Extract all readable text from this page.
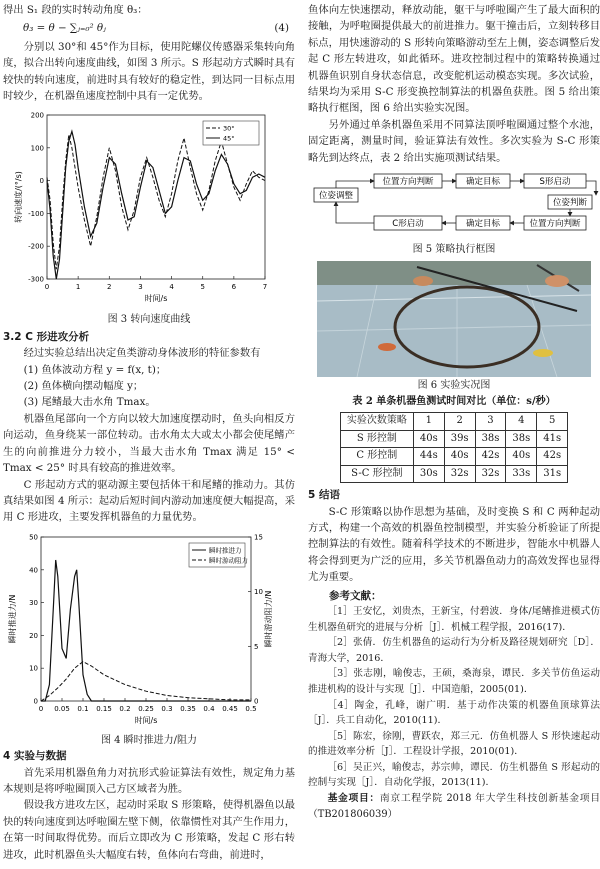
得出 S₁ 段的实时转动角度 θ₃：

θ₃ = θ − ∑ⱼ₌₀² θⱼ	(4)

分别以 30°和 45°作为目标，使用陀螺仪传感器采集转向角度，拟合出转向速度曲线，如图 3 所示。S 形起动方式瞬时具有较快的转向速度，前进时具有较好的稳定性，到达同一目标点用时较少，在机器鱼速度控制中具有一定优势。

0	1	2	3	4	5	6	7
-300
-200
-100
0
100
200
时间/s
转向速度/(°/s)
30°
45°

图 3 转向速度曲线

3.2 C 形进攻分析

经过实验总结出决定鱼类游动身体波形的特征参数有

(1) 鱼体波动方程 y = f(x, t)；

(2) 鱼体横向摆动幅度 y；

(3) 尾鳍最大击水角 Tmax。

机器鱼尾部向一个方向以较大加速度摆动时，鱼头向相反方向运动，鱼身绕某一部位转动。击水角太大或太小都会使尾鳍产生的向前推进分力较小，当最大击水角 Tmax 满足 15° < Tmax < 25° 时具有较高的推进效率。

C 形起动方式的驱动源主要包括体干和尾鳍的推动力。其仿真结果如图 4 所示：起动后短时间内游动加速度便大幅提高，采用 C 形进攻，主要发挥机器鱼的力量优势。

0 0.05 0.1 0.15 0.2 0.25 0.3 0.35 0.4 0.45 0.5
0
10
20
30
40
50
时间/s
瞬时推进力/N
0
5
10
15
瞬时游动阻力/N
瞬时推进力
瞬时游动阻力

图 4 瞬时推进力/阻力

4 实验与数据

首先采用机器鱼角力对抗形式验证算法有效性，规定角力基本规则是将呼啦圈顶入己方区域者为胜。

假设我方进攻左区，起动时采取 S 形策略，使得机器鱼以最快的转向速度到达呼啦圈左壁下侧，依靠惯性对其产生作用力，在第一时间取得优势。而后立即改为 C 形策略，发起 C 形右转进攻，此时机器鱼头大幅度右转，鱼体向右弯曲，前进时，

鱼体向左快速摆动，释放动能，躯干与呼啦圈产生了最大面积的接触，为呼啦圈提供最大的前进推力。躯干撞击后，立刻转移目标点，用快速游动的 S 形转向策略游动至左上侧，姿态调整后发起 C 形左转进攻，如此循环。进攻控制过程中的策略转换通过机器鱼识别自身状态信息，改变舵机运动模态实现。多次试验，结果均为采用 S-C 形变换控制算法的机器鱼获胜。图 5 给出策略执行框图，图 6 给出实验实况图。

另外通过单条机器鱼采用不同算法顶呼啦圈通过整个水池，固定距离，测量时间，验证算法有效性。多次实验为 S-C 形策略先到达终点，表 2 给出实施项测试结果。

位姿调整
位置方向判断	确定目标	S形启动
C形启动	确定目标	位置方向判断
位姿判断

图 5 策略执行框图

图 6 实验实况图

表 2 单条机器鱼测试时间对比（单位：s/秒）

实验次数策略	1	2	3	4	5
S 形控制	40s	39s	38s	38s	41s
C 形控制	44s	40s	42s	40s	42s
S-C 形控制	30s	32s	32s	33s	31s

5 结语

S-C 形策略以协作思想为基础，及时变换 S 和 C 两种起动方式，构建一个高效的机器鱼控制模型，并实验分析验证了所提控制算法的有效性。随着科学技术的不断进步，智能水中机器人将会得到更为广泛的应用，多关节机器鱼动力的高效发挥也显得尤为重要。

参考文献：

［1］王安忆，刘贵杰，王新宝，付碧波．身体/尾鳍推进模式仿生机器鱼研究的进展与分析［J］．机械工程学报，2016(17)．

［2］张倩．仿生机器鱼的运动行为分析及路径规划研究［D］．青海大学，2016．

［3］张志刚，喻俊志，王硕，桑海泉，谭民．多关节仿鱼运动推进机构的设计与实现［J］．中国造船，2005(01)．

［4］陶金，孔峰，谢广明．基于动作决策的机器鱼顶球算法［J］．兵工自动化，2010(11)．

［5］陈宏，徐刚，曹跃农，郑三元．仿鱼机器人 S 形快速起动的推进效率分析［J］．工程设计学报，2010(01)．

［6］吴正兴，喻俊志，苏宗帅，谭民．仿生机器鱼 S 形起动的控制与实现［J］．自动化学报，2013(11)．

基金项目：南京工程学院 2018 年大学生科技创新基金项目（TB201806039）
